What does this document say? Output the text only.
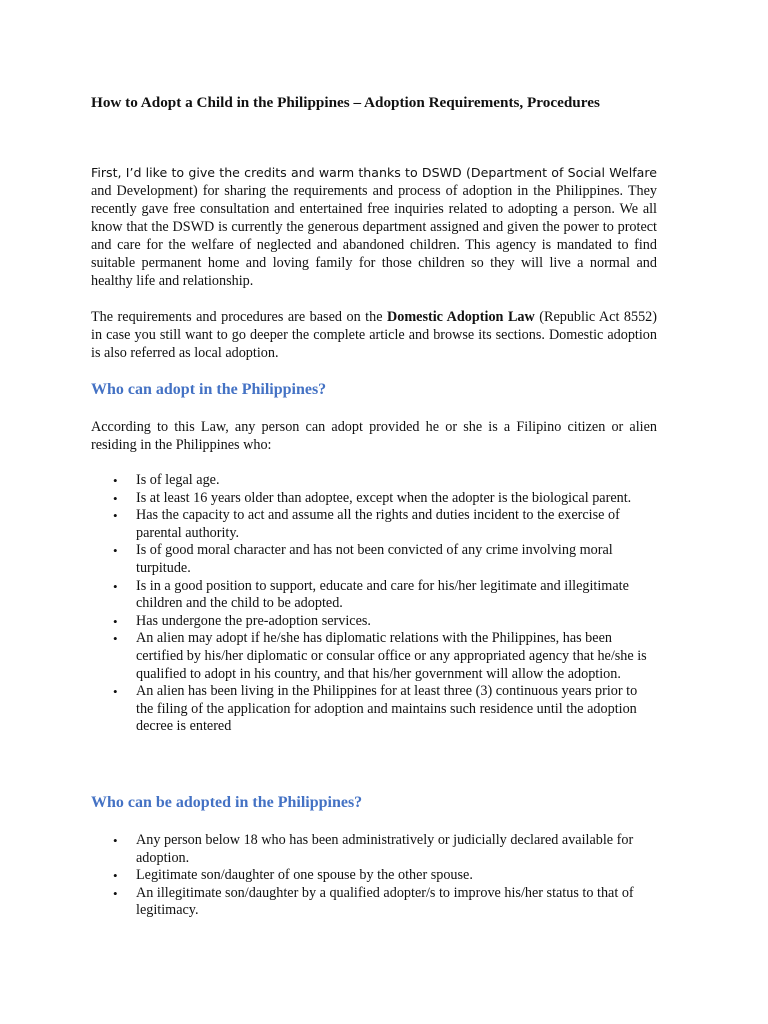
How to Adopt a Child in the Philippines – Adoption Requirements, Procedures
First, I’d like to give the credits and warm thanks to DSWD (Department of Social Welfare and Development) for sharing the requirements and process of adoption in the Philippines. They recently gave free consultation and entertained free inquiries related to adopting a person. We all know that the DSWD is currently the generous department assigned and given the power to protect and care for the welfare of neglected and abandoned children. This agency is mandated to find suitable permanent home and loving family for those children so they will live a normal and healthy life and relationship.
The requirements and procedures are based on the Domestic Adoption Law (Republic Act 8552) in case you still want to go deeper the complete article and browse its sections. Domestic adoption is also referred as local adoption.
Who can adopt in the Philippines?
According to this Law, any person can adopt provided he or she is a Filipino citizen or alien residing in the Philippines who:
• Is of legal age.
• Is at least 16 years older than adoptee, except when the adopter is the biological parent.
• Has the capacity to act and assume all the rights and duties incident to the exercise of parental authority.
• Is of good moral character and has not been convicted of any crime involving moral turpitude.
• Is in a good position to support, educate and care for his/her legitimate and illegitimate children and the child to be adopted.
• Has undergone the pre-adoption services.
• An alien may adopt if he/she has diplomatic relations with the Philippines, has been certified by his/her diplomatic or consular office or any appropriated agency that he/she is qualified to adopt in his country, and that his/her government will allow the adoption.
• An alien has been living in the Philippines for at least three (3) continuous years prior to the filing of the application for adoption and maintains such residence until the adoption decree is entered
Who can be adopted in the Philippines?
• Any person below 18 who has been administratively or judicially declared available for adoption.
• Legitimate son/daughter of one spouse by the other spouse.
• An illegitimate son/daughter by a qualified adopter/s to improve his/her status to that of legitimacy.
